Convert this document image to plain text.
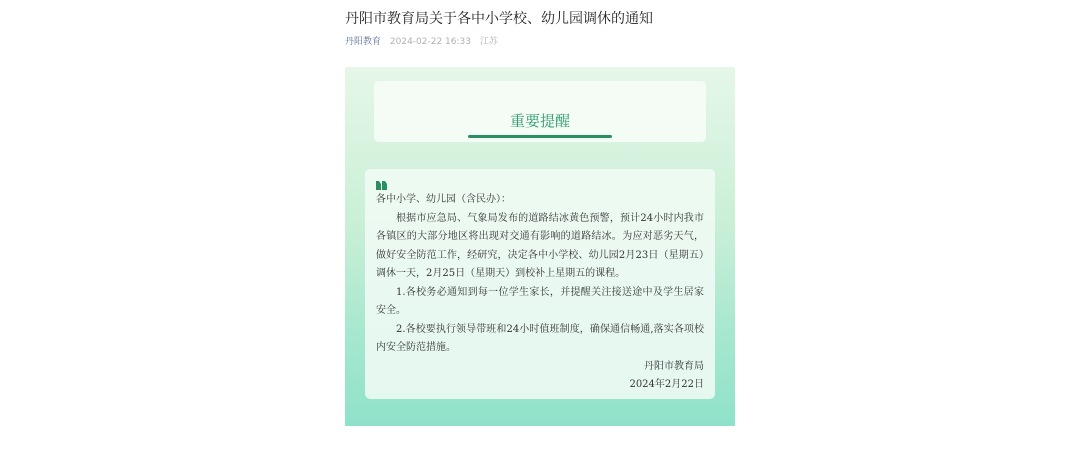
丹阳市教育局关于各中小学校、幼儿园调休的通知
丹阳教育 2024-02-22 16:33 江苏
重要提醒

各中小学、幼儿园（含民办）：

根据市应急局、气象局发布的道路结冰黄色预警，预计24小时内我市各镇区的大部分地区将出现对交通有影响的道路结冰。为应对恶劣天气，做好安全防范工作，经研究，决定各中小学校、幼儿园2月23日（星期五）调休一天，2月25日（星期天）到校补上星期五的课程。

1.各校务必通知到每一位学生家长，并提醒关注接送途中及学生居家安全。

2.各校要执行领导带班和24小时值班制度，确保通信畅通,落实各项校内安全防范措施。

丹阳市教育局

2024年2月22日
